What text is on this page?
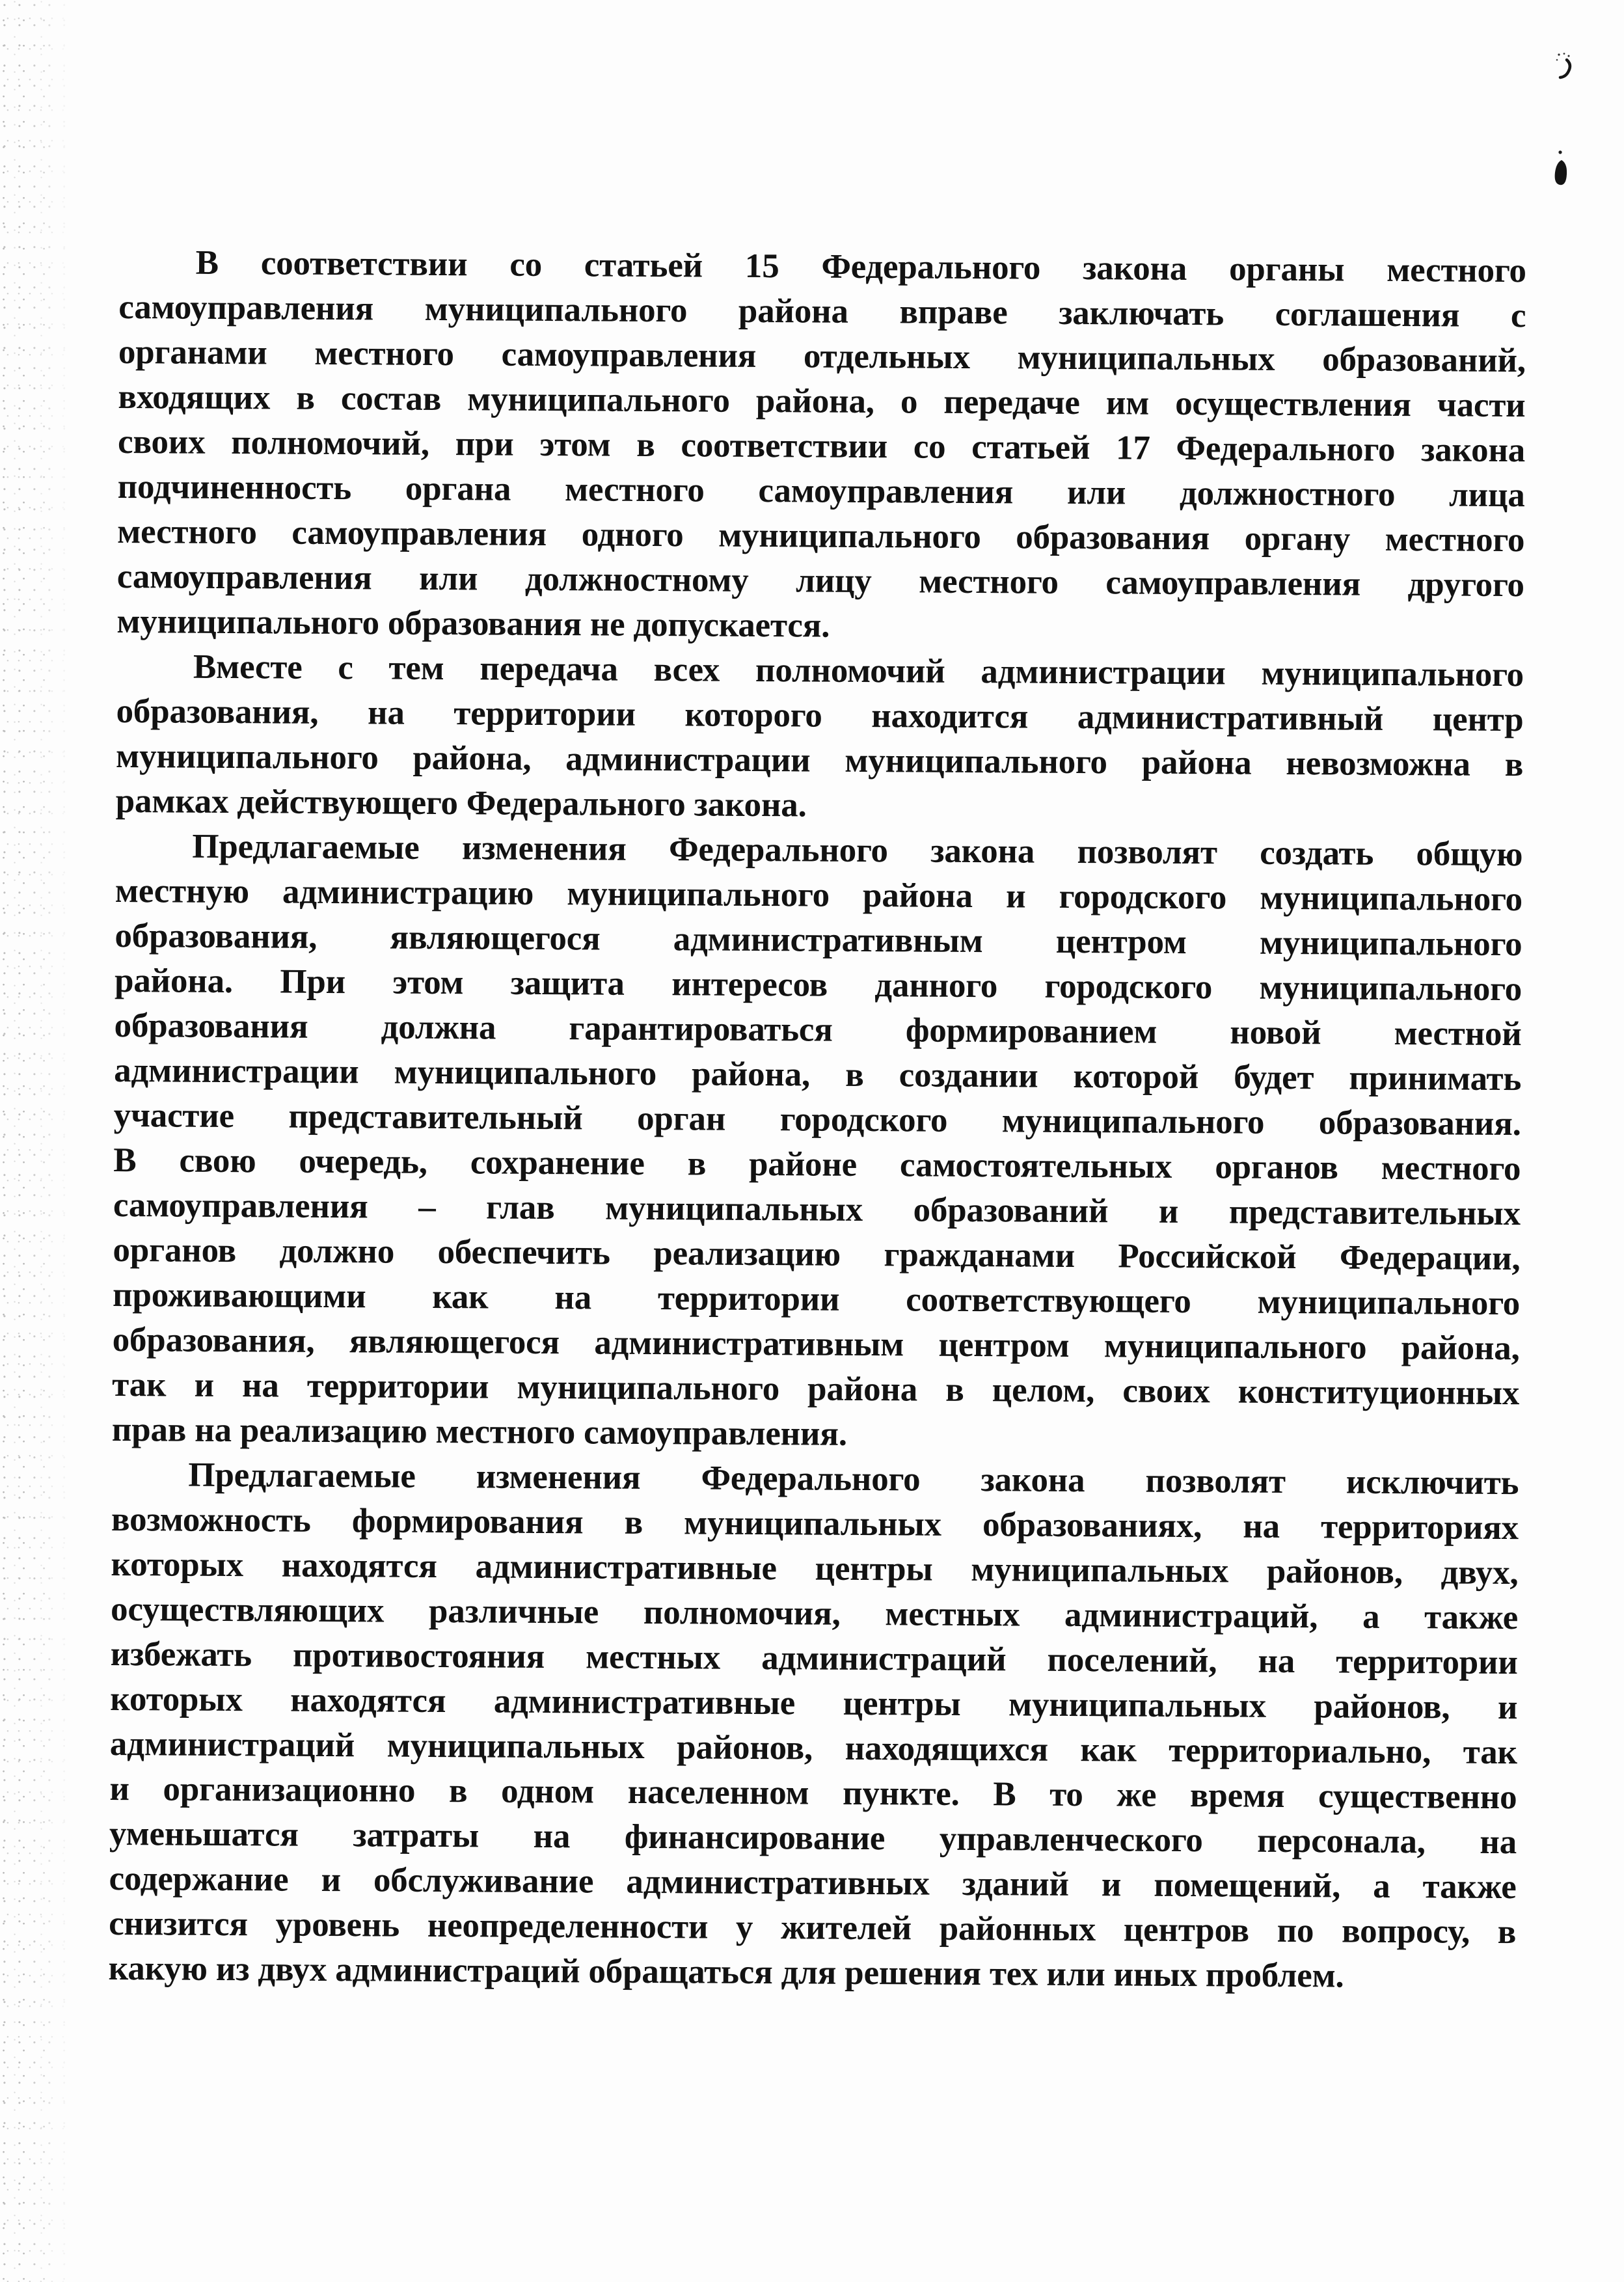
В соответствии со статьей 15 Федерального закона органы местного
самоуправления муниципального района вправе заключать соглашения с
органами местного самоуправления отдельных муниципальных образований,
входящих в состав муниципального района, о передаче им осуществления части
своих полномочий, при этом в соответствии со статьей 17 Федерального закона
подчиненность органа местного самоуправления или должностного лица
местного самоуправления одного муниципального образования органу местного
самоуправления или должностному лицу местного самоуправления другого
муниципального образования не допускается.
Вместе с тем передача всех полномочий администрации муниципального
образования, на территории которого находится административный центр
муниципального района, администрации муниципального района невозможна в
рамках действующего Федерального закона.
Предлагаемые изменения Федерального закона позволят создать общую
местную администрацию муниципального района и городского муниципального
образования, являющегося административным центром муниципального
района. При этом защита интересов данного городского муниципального
образования должна гарантироваться формированием новой местной
администрации муниципального района, в создании которой будет принимать
участие представительный орган городского муниципального образования.
В свою очередь, сохранение в районе самостоятельных органов местного
самоуправления – глав муниципальных образований и представительных
органов должно обеспечить реализацию гражданами Российской Федерации,
проживающими как на территории соответствующего муниципального
образования, являющегося административным центром муниципального района,
так и на территории муниципального района в целом, своих конституционных
прав на реализацию местного самоуправления.
Предлагаемые изменения Федерального закона позволят исключить
возможность формирования в муниципальных образованиях, на территориях
которых находятся административные центры муниципальных районов, двух,
осуществляющих различные полномочия, местных администраций, а также
избежать противостояния местных администраций поселений, на территории
которых находятся административные центры муниципальных районов, и
администраций муниципальных районов, находящихся как территориально, так
и организационно в одном населенном пункте. В то же время существенно
уменьшатся затраты на финансирование управленческого персонала, на
содержание и обслуживание административных зданий и помещений, а также
снизится уровень неопределенности у жителей районных центров по вопросу, в
какую из двух администраций обращаться для решения тех или иных проблем.
